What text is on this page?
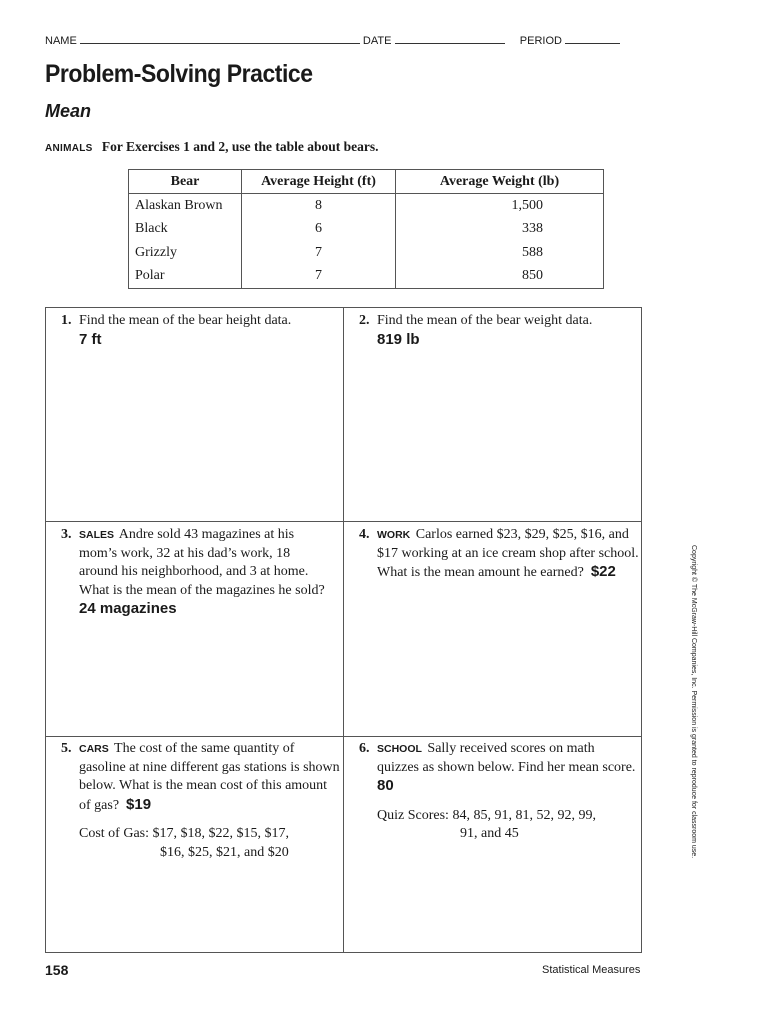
NAME	DATE	PERIOD
Problem-Solving Practice
Mean
ANIMALS For Exercises 1 and 2, use the table about bears.
Bear	Average Height (ft)	Average Weight (lb)
Alaskan Brown	8	1,500
Black	6	338
Grizzly	7	588
Polar	7	850
1. Find the mean of the bear height data.
7 ft
2. Find the mean of the bear weight data.
819 lb
3. SALES Andre sold 43 magazines at his mom’s work, 32 at his dad’s work, 18 around his neighborhood, and 3 at home. What is the mean of the magazines he sold?  24 magazines
4. WORK Carlos earned $23, $29, $25, $16, and $17 working at an ice cream shop after school. What is the mean amount he earned? $22
5. CARS The cost of the same quantity of gasoline at nine different gas stations is shown below. What is the mean cost of this amount of gas? $19
Cost of Gas: $17, $18, $22, $15, $17,
$16, $25, $21, and $20
6. SCHOOL Sally received scores on math quizzes as shown below. Find her mean score.  80
Quiz Scores: 84, 85, 91, 81, 52, 92, 99,
91, and 45	Copyright © The McGraw-Hill Companies, Inc. Permission is granted to reproduce for classroom use.
158	Statistical Measures
